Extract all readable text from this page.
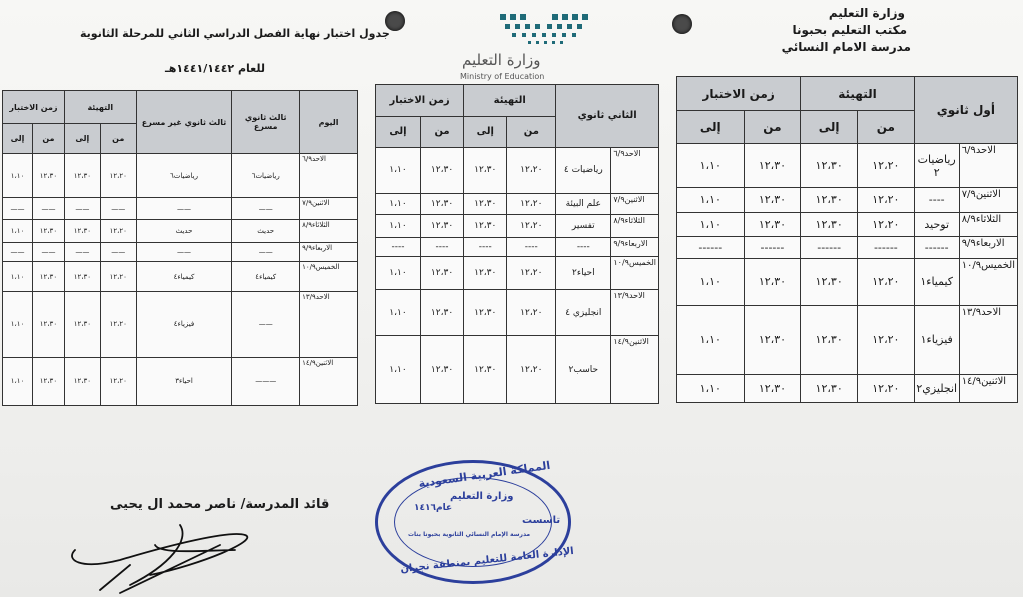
وزارة التعليم
مكتب التعليم بحبونا
مدرسة الامام النسائي
جدول اختبار نهاية الفصل الدراسي الثاني للمرحلة الثانوية
للعام ١٤٤١/١٤٤٢هـ	وزارة التعليم
Ministry of Education
أول ثانوي		التهيئة		زمن الاختبار	
		من	إلى	من	إلى
الاحد٦/٩	رياضيات ٢	١٢،٢٠	١٢،٣٠	١٢،٣٠	١،١٠
الاثنين٧/٩	----	١٢،٢٠	١٢،٣٠	١٢،٣٠	١،١٠
الثلاثاء٨/٩	توحيد	١٢،٢٠	١٢،٣٠	١٢،٣٠	١،١٠
الاربعاء٩/٩	------	------	------	------	------
الخميس١٠/٩	كيمياء١	١٢،٢٠	١٢،٣٠	١٢،٣٠	١،١٠
الاحد١٣/٩	فيزياء١	١٢،٢٠	١٢،٣٠	١٢،٣٠	١،١٠
الاثنين١٤/٩	انجليزي٢	١٢،٢٠	١٢،٣٠	١٢،٣٠	١،١٠
الثاني ثانوي		التهيئة		زمن الاختبار	
		من	إلى	من	إلى
الاحد٦/٩	رياضيات ٤	١٢،٢٠	١٢،٣٠	١٢،٣٠	١،١٠
الاثنين٧/٩	علم البيئة	١٢،٢٠	١٢،٣٠	١٢،٣٠	١،١٠
الثلاثاء٨/٩	تفسير	١٢،٢٠	١٢،٣٠	١٢،٣٠	١،١٠
الاربعاء٩/٩	----	----	----	----	----
الخميس١٠/٩	احياء٢	١٢،٢٠	١٢،٣٠	١٢،٣٠	١،١٠
الاحد١٣/٩	انجليزي ٤	١٢،٢٠	١٢،٣٠	١٢،٣٠	١،١٠
الاثنين١٤/٩	حاسب٢	١٢،٢٠	١٢،٣٠	١٢،٣٠	١،١٠
اليوم	ثالث ثانوي مسرع	ثالث ثانوي غير مسرع	التهيئة		زمن الاختبار	
			من	إلى	من	إلى
الاحد٦/٩	رياضيات٦	رياضيات٦	١٢،٢٠	١٢،٣٠	١٢،٣٠	١،١٠
الاثنين٧/٩	——	——	——	——	——	——
الثلاثاء٨/٩	حديث	حديث	١٢،٢٠	١٢،٣٠	١٢،٣٠	١،١٠
الاربعاء٩/٩	——	——	——	——	——	——
الخميس١٠/٩	كيمياء٤	كيمياء٤	١٢،٢٠	١٢،٣٠	١٢،٣٠	١،١٠
الاحد١٣/٩	——	فيزياء٤	١٢،٢٠	١٢،٣٠	١٢،٣٠	١،١٠
الاثنين١٤/٩	———	احياء٣	١٢،٢٠	١٢،٣٠	١٢،٣٠	١،١٠
قائد المدرسة/ ناصر محمد ال يحيى
المملكة العربية السعودية
وزارة التعليم
عام١٤١٦
تاسست
مدرسة الإمام النسائي الثانوية بحبونا بنات
الإدارة العامة للتعليم بمنطقة نجران
